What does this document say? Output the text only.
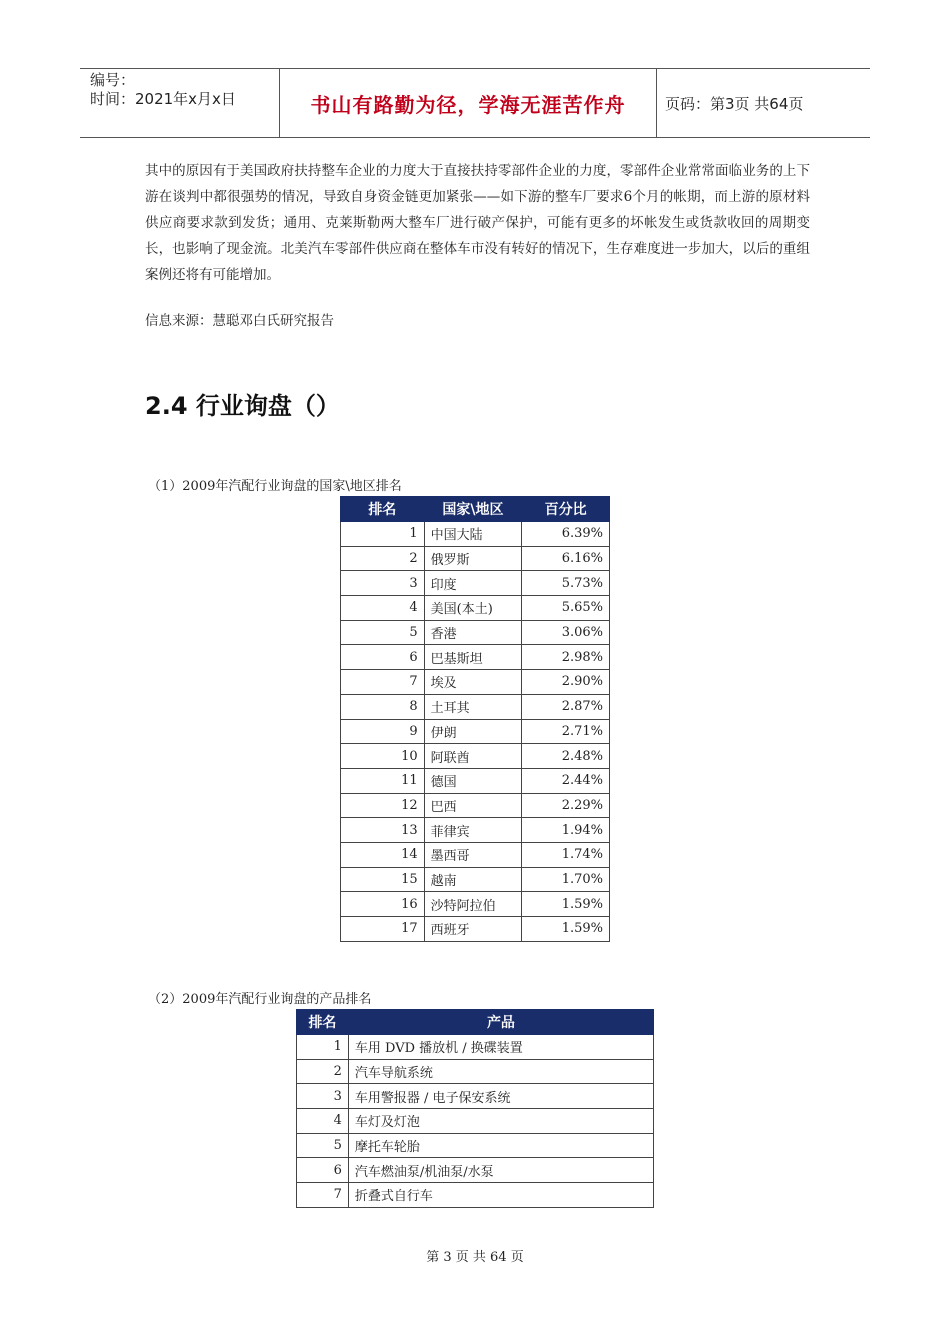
编号：
时间：2021年x月x日	书山有路勤为径，学海无涯苦作舟	页码：第3页 共64页

其中的原因有于美国政府扶持整车企业的力度大于直接扶持零部件企业的力度，零部件企业常常面临业务的上下游在谈判中都很强势的情况，导致自身资金链更加紧张——如下游的整车厂要求6个月的帐期，而上游的原材料供应商要求款到发货；通用、克莱斯勒两大整车厂进行破产保护，可能有更多的坏帐发生或货款收回的周期变长，也影响了现金流。北美汽车零部件供应商在整体车市没有转好的情况下，生存难度进一步加大，以后的重组案例还将有可能增加。

信息来源：慧聪邓白氏研究报告

2.4 行业询盘（）

（1）2009年汽配行业询盘的国家\地区排名

排名	国家\地区	百分比
1	中国大陆	6.39%
2	俄罗斯	6.16%
3	印度	5.73%
4	美国(本土)	5.65%
5	香港	3.06%
6	巴基斯坦	2.98%
7	埃及	2.90%
8	土耳其	2.87%
9	伊朗	2.71%
10	阿联酋	2.48%
11	德国	2.44%
12	巴西	2.29%
13	菲律宾	1.94%
14	墨西哥	1.74%
15	越南	1.70%
16	沙特阿拉伯	1.59%
17	西班牙	1.59%

（2）2009年汽配行业询盘的产品排名

排名	产品
1	车用 DVD 播放机 / 换碟装置
2	汽车导航系统
3	车用警报器 / 电子保安系统
4	车灯及灯泡
5	摩托车轮胎
6	汽车燃油泵/机油泵/水泵
7	折叠式自行车
第 3 页 共 64 页
